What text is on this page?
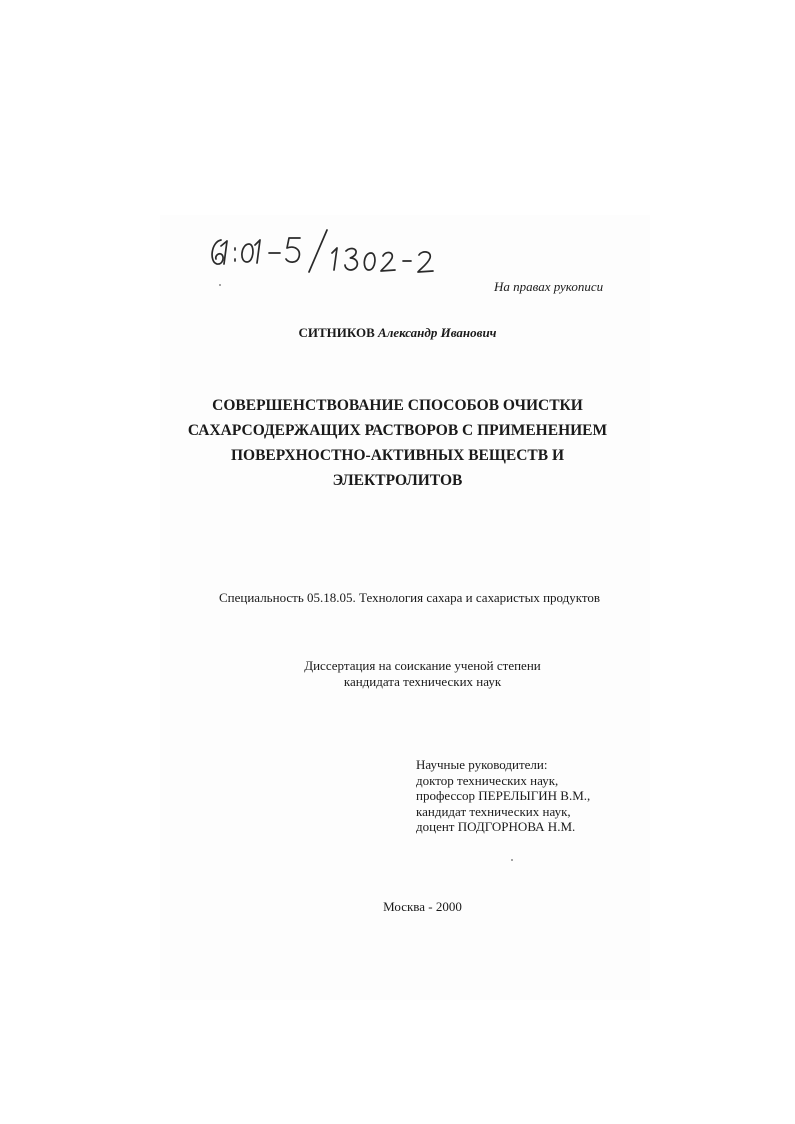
На правах рукописи
СИТНИКОВ Александр Иванович
СОВЕРШЕНСТВОВАНИЕ СПОСОБОВ ОЧИСТКИ
САХАРСОДЕРЖАЩИХ РАСТВОРОВ С ПРИМЕНЕНИЕМ
ПОВЕРХНОСТНО-АКТИВНЫХ ВЕЩЕСТВ И
ЭЛЕКТРОЛИТОВ
Специальность 05.18.05. Технология сахара и сахаристых продуктов
Диссертация на соискание ученой степени
кандидата технических наук
Научные руководители:
доктор технических наук,
профессор ПЕРЕЛЫГИН В.М.,
кандидат технических наук,
доцент ПОДГОРНОВА Н.М.
Москва - 2000
